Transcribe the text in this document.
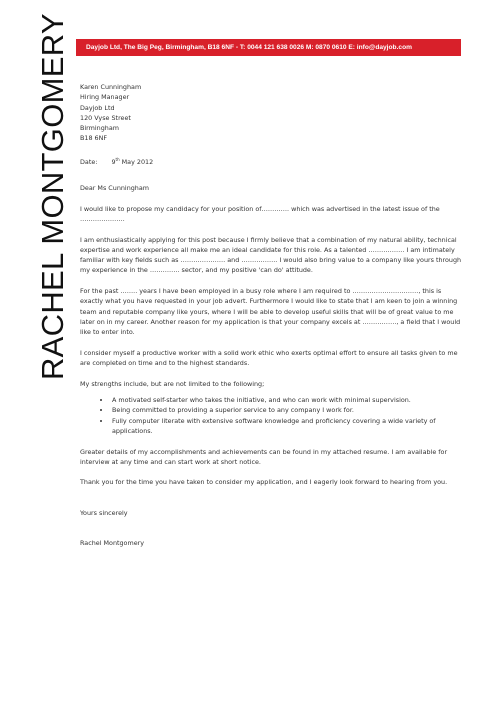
RACHEL MONTGOMERY	Dayjob Ltd, The Big Peg, Birmingham, B18 6NF - T: 0044 121 638 0026 M: 0870 0610 E: info@dayjob.com
Karen Cunningham
Hiring Manager
Dayjob Ltd
120 Vyse Street
Birmingham
B18 6NF
Date: 9th May 2012
Dear Ms Cunningham

I would like to propose my candidacy for your position of…………. which was advertised in the latest issue of the …………………

I am enthusiastically applying for this post because I firmly believe that a combination of my natural ability, technical expertise and work experience all make me an ideal candidate for this role. As a talented …………….. I am intimately familiar with key fields such as ………………… and …………….. I would also bring value to a company like yours through my experience in the ………….. sector, and my positive 'can do' attitude.

For the past …….. years I have been employed in a busy role where I am required to …………………………., this is exactly what you have requested in your job advert. Furthermore I would like to state that I am keen to join a winning team and reputable company like yours, where I will be able to develop useful skills that will be of great value to me later on in my career. Another reason for my application is that your company excels at ……………., a field that I would like to enter into.

I consider myself a productive worker with a solid work ethic who exerts optimal effort to ensure all tasks given to me are completed on time and to the highest standards.

My strengths include, but are not limited to the following;

• A motivated self-starter who takes the initiative, and who can work with minimal supervision.
• Being committed to providing a superior service to any company I work for.
• Fully computer literate with extensive software knowledge and proficiency covering a wide variety of applications.

Greater details of my accomplishments and achievements can be found in my attached resume. I am available for interview at any time and can start work at short notice.

Thank you for the time you have taken to consider my application, and I eagerly look forward to hearing from you.

Yours sincerely
Rachel Montgomery
